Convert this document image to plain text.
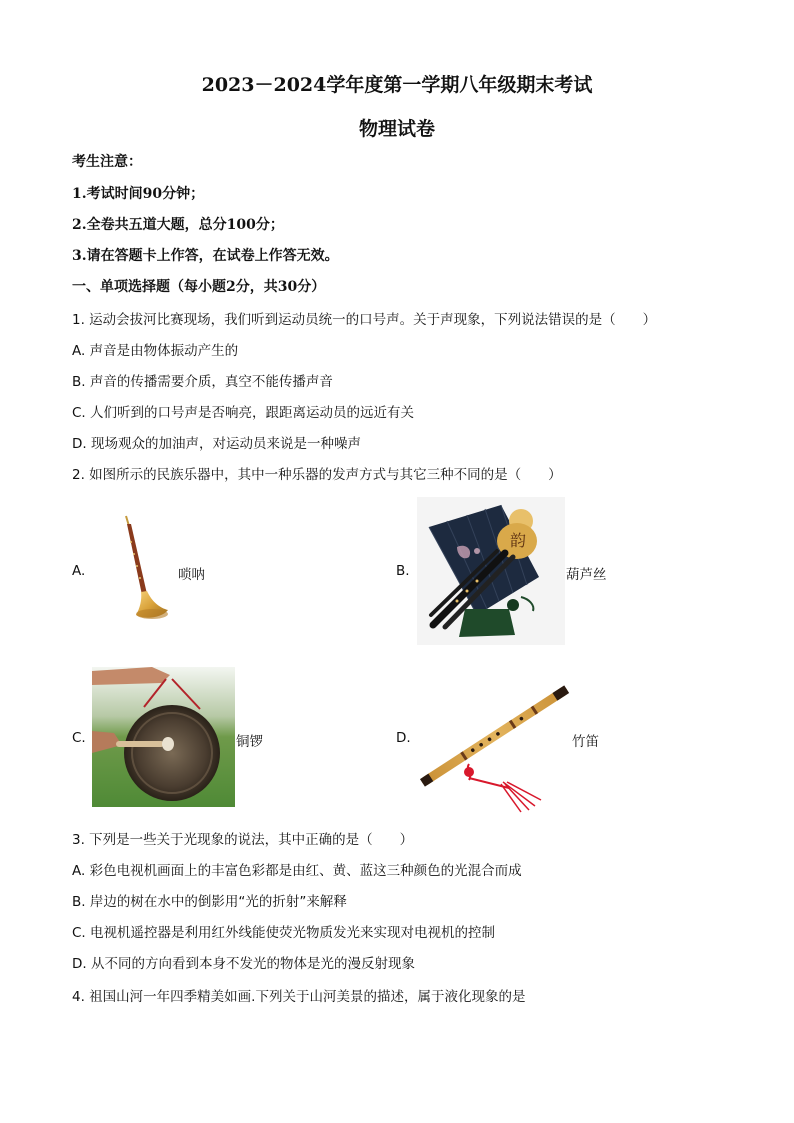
2023－2024学年度第一学期八年级期末考试
物理试卷
考生注意：
1.考试时间90分钟；
2.全卷共五道大题，总分100分；
3.请在答题卡上作答，在试卷上作答无效。
一、单项选择题（每小题2分，共30分）
1. 运动会拔河比赛现场，我们听到运动员统一的口号声。关于声现象，下列说法错误的是（　　）
A. 声音是由物体振动产生的
B. 声音的传播需要介质，真空不能传播声音
C. 人们听到的口号声是否响亮，跟距离运动员的远近有关
D. 现场观众的加油声，对运动员来说是一种噪声
2. 如图所示的民族乐器中，其中一种乐器的发声方式与其它三种不同的是（　　）
A.	唢呐	B.
韵
葫芦丝
C.	铜锣	D.	竹笛
3. 下列是一些关于光现象的说法，其中正确的是（　　）
A. 彩色电视机画面上的丰富色彩都是由红、黄、蓝这三种颜色的光混合而成
B. 岸边的树在水中的倒影用“光的折射”来解释
C. 电视机遥控器是利用红外线能使荧光物质发光来实现对电视机的控制
D. 从不同的方向看到本身不发光的物体是光的漫反射现象
4. 祖国山河一年四季精美如画.下列关于山河美景的描述，属于液化现象的是
